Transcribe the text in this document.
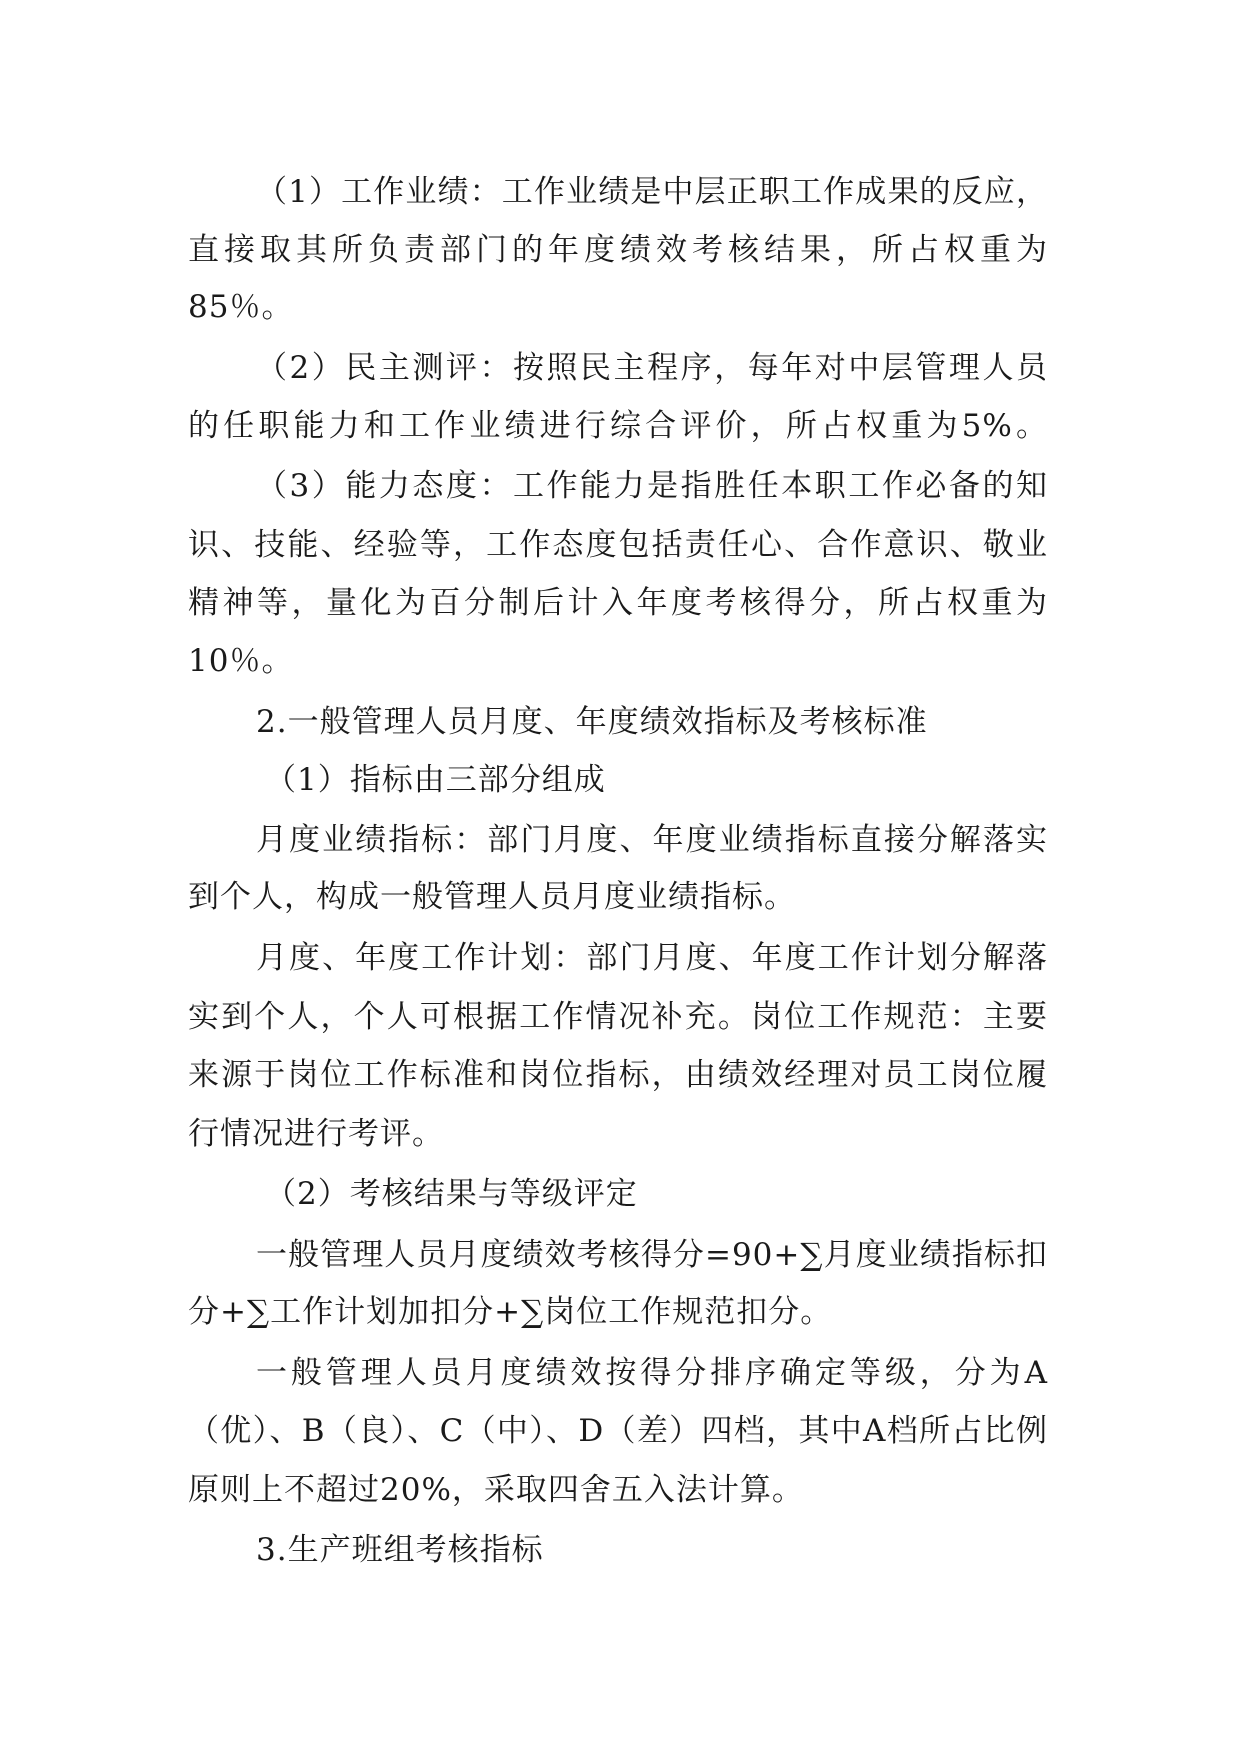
（1）工作业绩：工作业绩是中层正职工作成果的反应，
直接取其所负责部门的年度绩效考核结果，所占权重为
85％。
（2）民主测评：按照民主程序，每年对中层管理人员
的任职能力和工作业绩进行综合评价，所占权重为5%。
（3）能力态度：工作能力是指胜任本职工作必备的知
识、技能、经验等，工作态度包括责任心、合作意识、敬业
精神等，量化为百分制后计入年度考核得分，所占权重为
10％。
2.一般管理人员月度、年度绩效指标及考核标准
（1）指标由三部分组成
月度业绩指标：部门月度、年度业绩指标直接分解落实
到个人，构成一般管理人员月度业绩指标。
月度、年度工作计划：部门月度、年度工作计划分解落
实到个人，个人可根据工作情况补充。岗位工作规范：主要
来源于岗位工作标准和岗位指标，由绩效经理对员工岗位履
行情况进行考评。
（2）考核结果与等级评定
一般管理人员月度绩效考核得分=90+∑月度业绩指标扣
分+∑工作计划加扣分+∑岗位工作规范扣分。
一般管理人员月度绩效按得分排序确定等级，分为A
（优）、B（良）、C（中）、D（差）四档，其中A档所占比例
原则上不超过20%，采取四舍五入法计算。
3.生产班组考核指标
